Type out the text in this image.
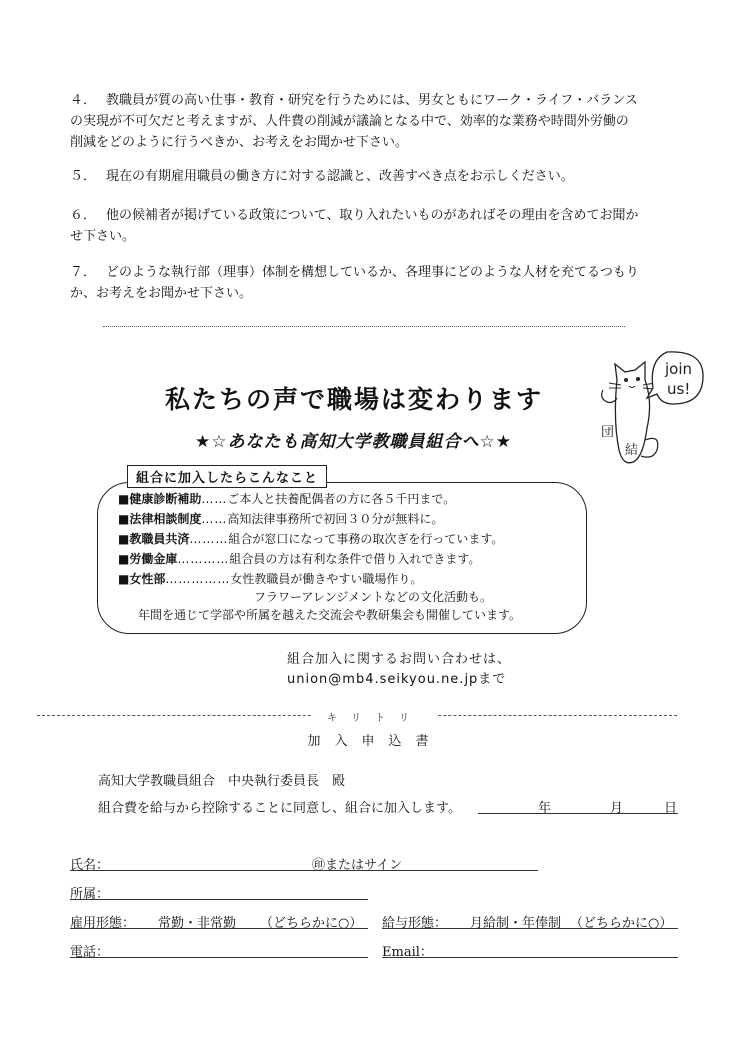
４． 教職員が質の高い仕事・教育・研究を行うためには、男女ともにワーク・ライフ・バランス
の実現が不可欠だと考えますが、人件費の削減が議論となる中で、効率的な業務や時間外労働の
削減をどのように行うべきか、お考えをお聞かせ下さい。
５． 現在の有期雇用職員の働き方に対する認識と、改善すべき点をお示しください。
６． 他の候補者が掲げている政策について、取り入れたいものがあればその理由を含めてお聞か
せ下さい。
７． どのような執行部（理事）体制を構想しているか、各理事にどのような人材を充てるつもり
か、お考えをお聞かせ下さい。
私たちの声で職場は変わります
★☆あなたも高知大学教職員組合へ☆★
join
us!
団
結
組合に加入したらこんなこと
■健康診断補助……ご本人と扶養配偶者の方に各５千円まで。
■法律相談制度……高知法律事務所で初回３０分が無料に。
■教職員共済………組合が窓口になって事務の取次ぎを行っています。
■労働金庫…………組合員の方は有利な条件で借り入れできます。
■女性部……………女性教職員が働きやすい職場作り。
フラワーアレンジメントなどの文化活動も。
年間を通じて学部や所属を越えた交流会や教研集会も開催しています。
組合加入に関するお問い合わせは、
union@mb4.seikyou.ne.jpまで
キリトリ
加入申込書
高知大学教職員組合　中央執行委員長　殿
組合費を給与から控除することに同意し、組合に加入します。	年	月	日
氏名：	㊞またはサイン
所属：
雇用形態： 常勤・非常勤 （どちらかに○） 給与形態： 月給制・年俸制 （どちらかに○）
電話：	Email：
